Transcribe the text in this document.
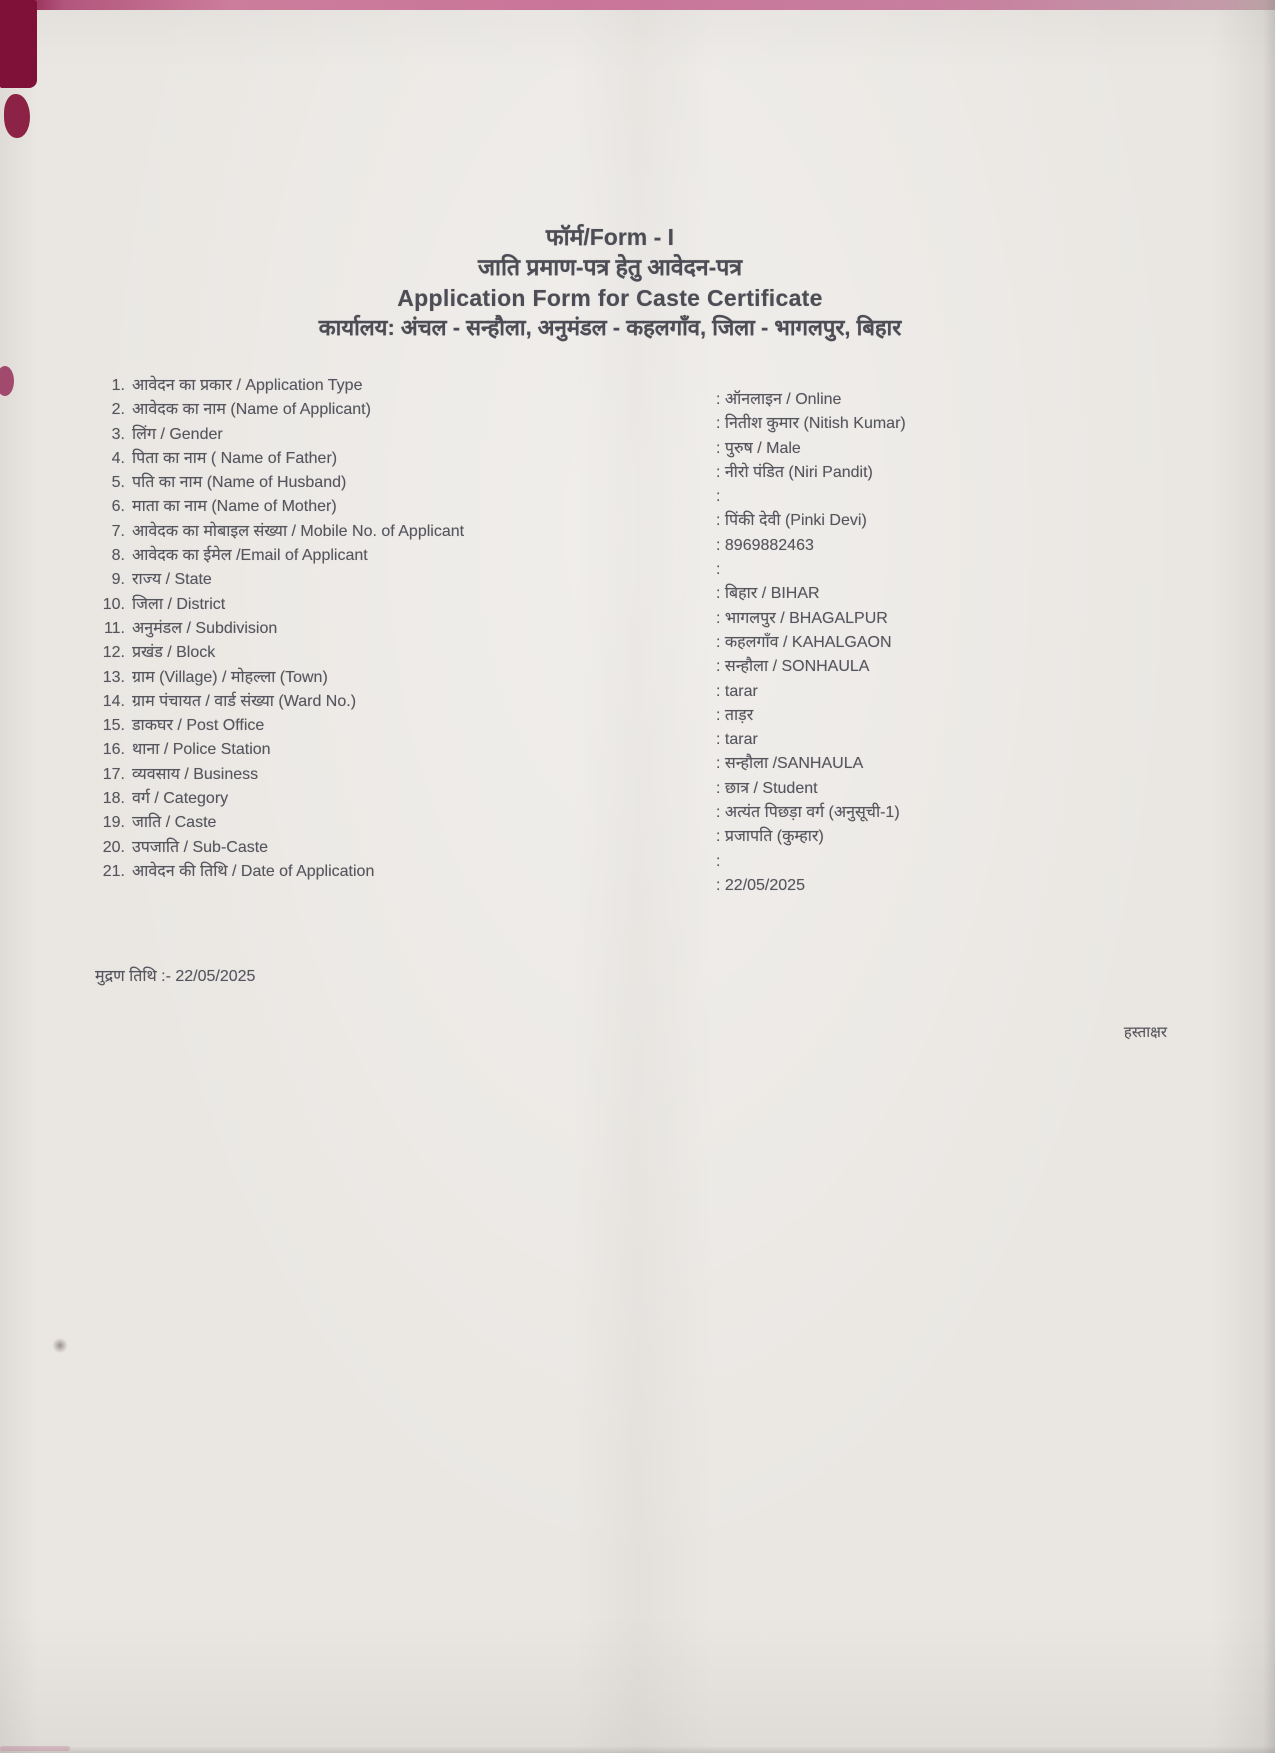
फॉर्म/Form - I
जाति प्रमाण-पत्र हेतु आवेदन-पत्र
Application Form for Caste Certificate
कार्यालय: अंचल - सन्हौला, अनुमंडल - कहलगाँव, जिला - भागलपुर, बिहार
1. आवेदन का प्रकार / Application Type
2. आवेदक का नाम (Name of Applicant)
3. लिंग / Gender
4. पिता का नाम ( Name of Father)
5. पति का नाम (Name of Husband)
6. माता का नाम (Name of Mother)
7. आवेदक का मोबाइल संख्या / Mobile No. of Applicant
8. आवेदक का ईमेल /Email of Applicant
9. राज्य / State
10. जिला / District
11. अनुमंडल / Subdivision
12. प्रखंड / Block
13. ग्राम (Village) / मोहल्ला (Town)
14. ग्राम पंचायत / वार्ड संख्या (Ward No.)
15. डाकघर / Post Office
16. थाना / Police Station
17. व्यवसाय / Business
18. वर्ग / Category
19. जाति / Caste
20. उपजाति / Sub-Caste
21. आवेदन की तिथि / Date of Application
: ऑनलाइन / Online
: नितीश कुमार (Nitish Kumar)
: पुरुष / Male
: नीरो पंडित (Niri Pandit)
:
: पिंकी देवी (Pinki Devi)
: 8969882463
:
: बिहार / BIHAR
: भागलपुर / BHAGALPUR
: कहलगाँव / KAHALGAON
: सन्हौला / SONHAULA
: tarar
: ताड़र
: tarar
: सन्हौला /SANHAULA
: छात्र / Student
: अत्यंत पिछड़ा वर्ग (अनुसूची-1)
: प्रजापति (कुम्हार)
:
: 22/05/2025
मुद्रण तिथि :- 22/05/2025
हस्ताक्षर
